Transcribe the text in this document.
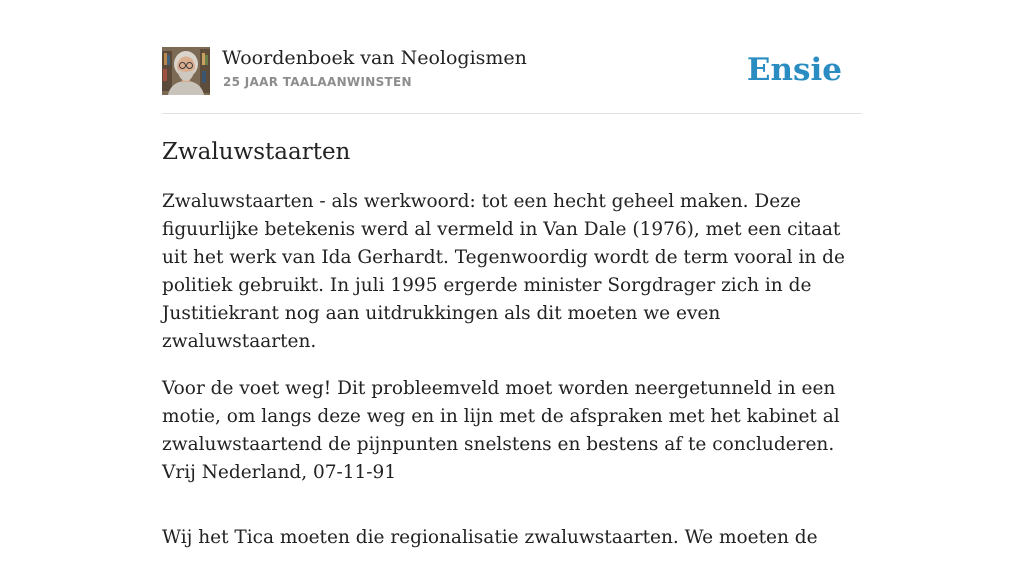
Woordenboek van Neologismen
25 JAAR TAALAANWINSTEN	Ensie
Zwaluwstaarten

Zwaluwstaarten - als werkwoord: tot een hecht geheel maken. Deze figuurlijke betekenis werd al vermeld in Van Dale (1976), met een citaat uit het werk van Ida Gerhardt. Tegenwoordig wordt de term vooral in de politiek gebruikt. In juli 1995 ergerde minister Sorgdrager zich in de Justitiekrant nog aan uitdrukkingen als dit moeten we even zwaluwstaarten.

Voor de voet weg! Dit probleemveld moet worden neergetunneld in een motie, om langs deze weg en in lijn met de afspraken met het kabinet al zwaluwstaartend de pijnpunten snelstens en bestens af te concluderen. Vrij Nederland, 07-11-91

Wij het Tica moeten die regionalisatie zwaluwstaarten. We moeten de
